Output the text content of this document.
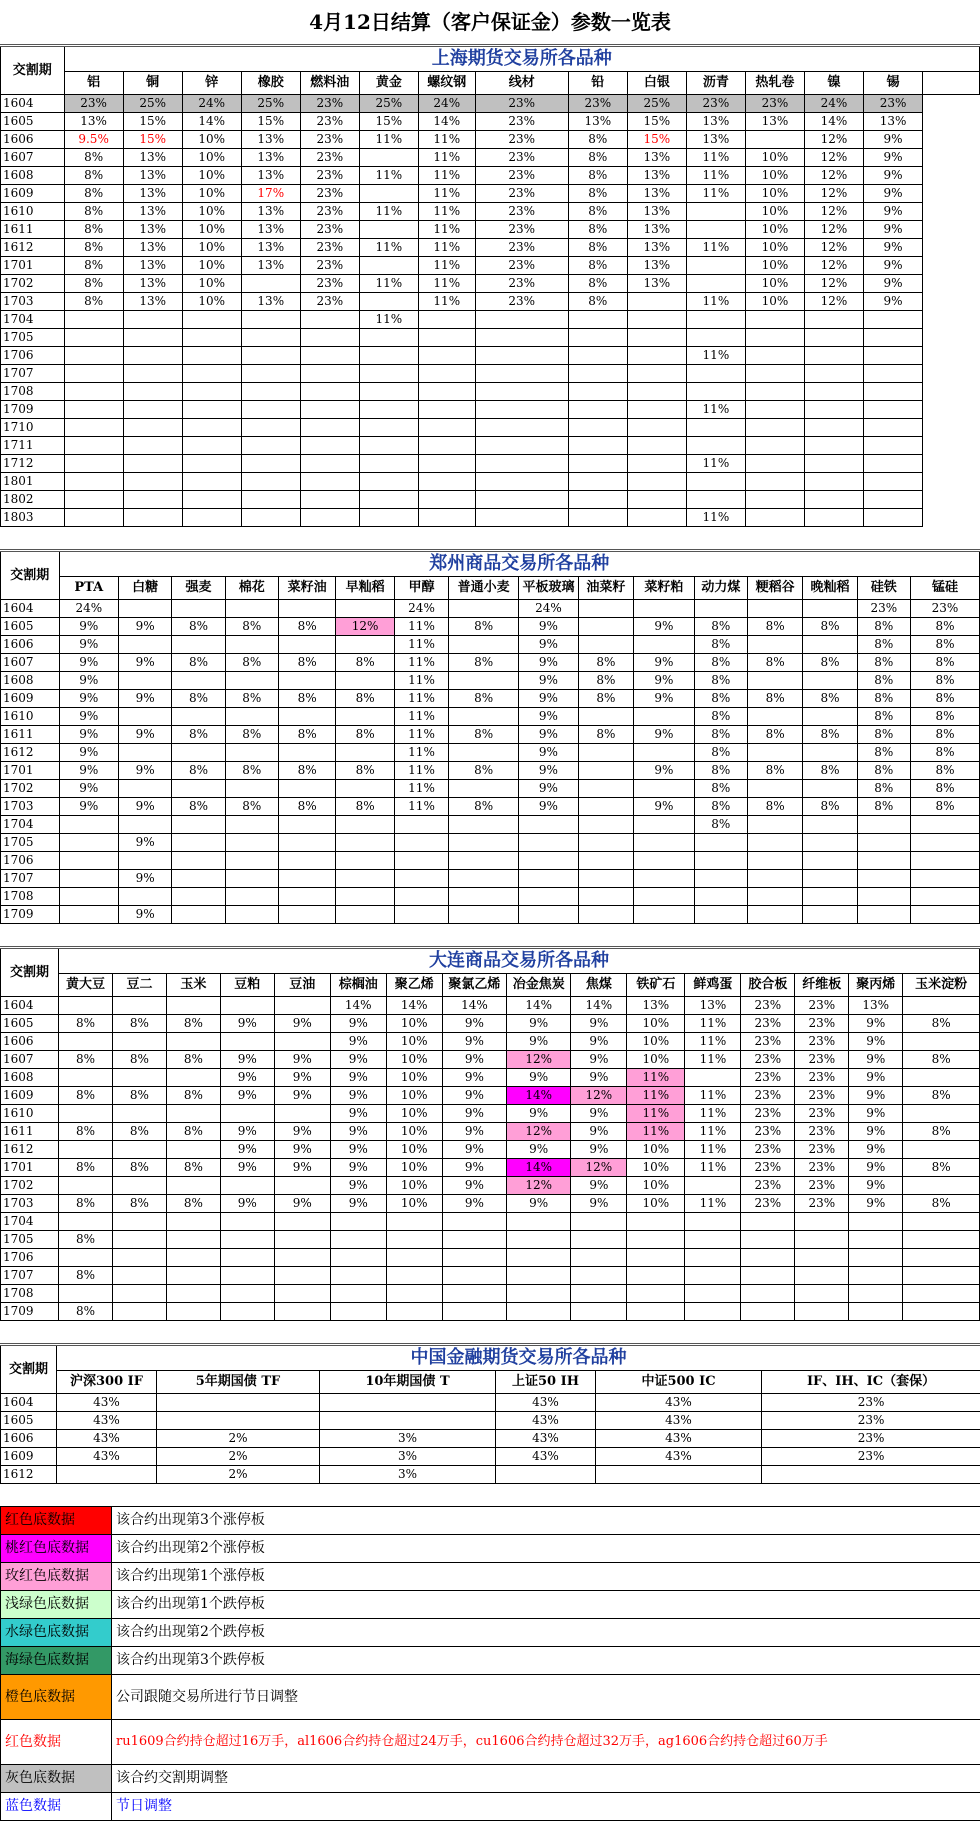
4月12日结算（客户保证金）参数一览表
交割期	上海期货交易所各品种														
	铝	铜	锌	橡胶	燃料油	黄金	螺纹钢	线材	铅	白银	沥青	热轧卷	镍	锡	
1604	23%	25%	24%	25%	23%	25%	24%	23%	23%	25%	23%	23%	24%	23%	
1605	13%	15%	14%	15%	23%	15%	14%	23%	13%	15%	13%	13%	14%	13%	
1606	9.5%	15%	10%	13%	23%	11%	11%	23%	8%	15%	13%		12%	9%	
1607	8%	13%	10%	13%	23%		11%	23%	8%	13%	11%	10%	12%	9%	
1608	8%	13%	10%	13%	23%	11%	11%	23%	8%	13%	11%	10%	12%	9%	
1609	8%	13%	10%	17%	23%		11%	23%	8%	13%	11%	10%	12%	9%	
1610	8%	13%	10%	13%	23%	11%	11%	23%	8%	13%		10%	12%	9%	
1611	8%	13%	10%	13%	23%		11%	23%	8%	13%		10%	12%	9%	
1612	8%	13%	10%	13%	23%	11%	11%	23%	8%	13%	11%	10%	12%	9%	
1701	8%	13%	10%	13%	23%		11%	23%	8%	13%		10%	12%	9%	
1702	8%	13%	10%		23%	11%	11%	23%	8%	13%		10%	12%	9%	
1703	8%	13%	10%	13%	23%		11%	23%	8%		11%	10%	12%	9%	
1704						11%									
1705															
1706											11%				
1707															
1708															
1709											11%				
1710															
1711															
1712											11%				
1801															
1802															
1803											11%				

交割期	郑州商品交易所各品种															
	PTA	白糖	强麦	棉花	菜籽油	早籼稻	甲醇	普通小麦	平板玻璃	油菜籽	菜籽粕	动力煤	粳稻谷	晚籼稻	硅铁	锰硅
1604	24%						24%		24%						23%	23%
1605	9%	9%	8%	8%	8%	12%	11%	8%	9%		9%	8%	8%	8%	8%	8%
1606	9%						11%		9%			8%			8%	8%
1607	9%	9%	8%	8%	8%	8%	11%	8%	9%	8%	9%	8%	8%	8%	8%	8%
1608	9%						11%		9%	8%	9%	8%			8%	8%
1609	9%	9%	8%	8%	8%	8%	11%	8%	9%	8%	9%	8%	8%	8%	8%	8%
1610	9%						11%		9%			8%			8%	8%
1611	9%	9%	8%	8%	8%	8%	11%	8%	9%	8%	9%	8%	8%	8%	8%	8%
1612	9%						11%		9%			8%			8%	8%
1701	9%	9%	8%	8%	8%	8%	11%	8%	9%		9%	8%	8%	8%	8%	8%
1702	9%						11%		9%			8%			8%	8%
1703	9%	9%	8%	8%	8%	8%	11%	8%	9%		9%	8%	8%	8%	8%	8%
1704												8%				
1705		9%														
1706																
1707		9%														
1708																
1709		9%														

交割期	大连商品交易所各品种															
	黄大豆	豆二	玉米	豆粕	豆油	棕榈油	聚乙烯	聚氯乙烯	冶金焦炭	焦煤	铁矿石	鲜鸡蛋	胶合板	纤维板	聚丙烯	玉米淀粉
1604						14%	14%	14%	14%	14%	13%	13%	23%	23%	13%	
1605	8%	8%	8%	9%	9%	9%	10%	9%	9%	9%	10%	11%	23%	23%	9%	8%
1606						9%	10%	9%	9%	9%	10%	11%	23%	23%	9%	
1607	8%	8%	8%	9%	9%	9%	10%	9%	12%	9%	10%	11%	23%	23%	9%	8%
1608				9%	9%	9%	10%	9%	9%	9%	11%		23%	23%	9%	
1609	8%	8%	8%	9%	9%	9%	10%	9%	14%	12%	11%	11%	23%	23%	9%	8%
1610						9%	10%	9%	9%	9%	11%	11%	23%	23%	9%	
1611	8%	8%	8%	9%	9%	9%	10%	9%	12%	9%	11%	11%	23%	23%	9%	8%
1612				9%	9%	9%	10%	9%	9%	9%	10%	11%	23%	23%	9%	
1701	8%	8%	8%	9%	9%	9%	10%	9%	14%	12%	10%	11%	23%	23%	9%	8%
1702						9%	10%	9%	12%	9%	10%		23%	23%	9%	
1703	8%	8%	8%	9%	9%	9%	10%	9%	9%	9%	10%	11%	23%	23%	9%	8%
1704																
1705	8%															
1706																
1707	8%															
1708																
1709	8%															

交割期	中国金融期货交易所各品种					
	沪深300 IF	5年期国债 TF	10年期国债 T	上证50 IH	中证500 IC	IF、IH、IC（套保）
1604	43%			43%	43%	23%
1605	43%			43%	43%	23%
1606	43%	2%	3%	43%	43%	23%
1609	43%	2%	3%	43%	43%	23%
1612		2%	3%			

红色底数据	该合约出现第3个涨停板
桃红色底数据	该合约出现第2个涨停板
玫红色底数据	该合约出现第1个涨停板
浅绿色底数据	该合约出现第1个跌停板
水绿色底数据	该合约出现第2个跌停板
海绿色底数据	该合约出现第3个跌停板
橙色底数据	公司跟随交易所进行节日调整
红色数据	ru1609合约持仓超过16万手，al1606合约持仓超过24万手，cu1606合约持仓超过32万手，ag1606合约持仓超过60万手
灰色底数据	该合约交割期调整
蓝色数据	节日调整
